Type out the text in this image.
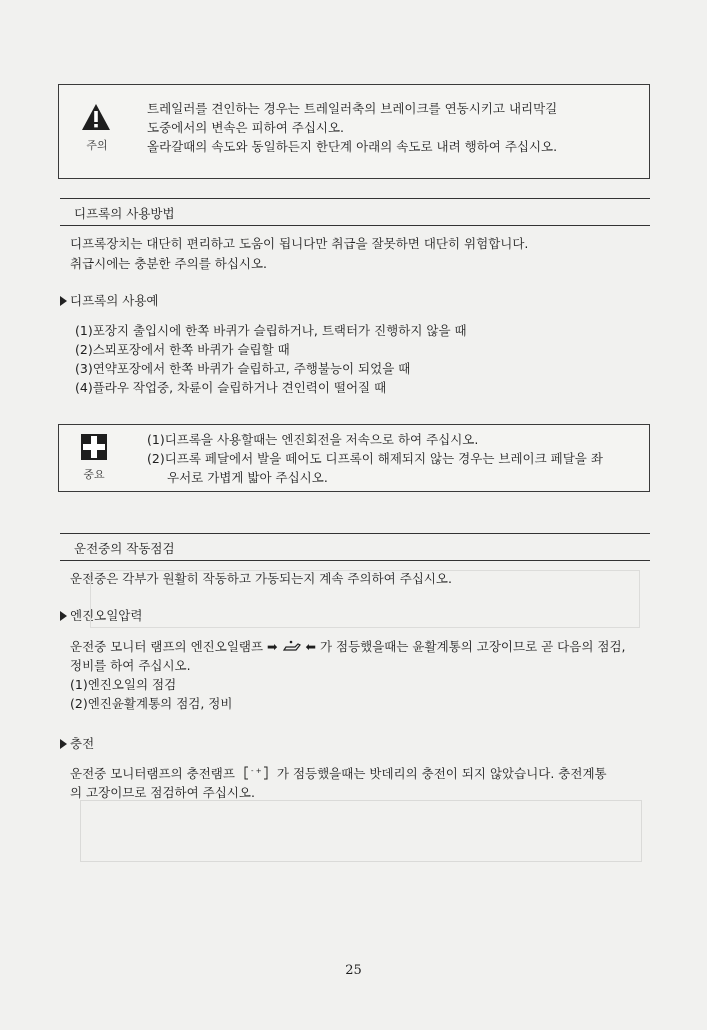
주의
트레일러를 견인하는 경우는 트레일러축의 브레이크를 연동시키고 내리막길
도중에서의 변속은 피하여 주십시오.
올라갈때의 속도와 동일하든지 한단계 아래의 속도로 내려 행하여 주십시오.
디프록의 사용방법
디프록장치는 대단히 편리하고 도움이 됩니다만 취급을 잘못하면 대단히 위험합니다.
취급시에는 충분한 주의를 하십시오.
디프록의 사용예
(1)포장지 출입시에 한쪽 바퀴가 슬립하거나, 트랙터가 진행하지 않을 때
(2)스뫼포장에서 한쪽 바퀴가 슬립할 때
(3)연약포장에서 한쪽 바퀴가 슬립하고, 주행불능이 되었을 때
(4)플라우 작업중, 차륜이 슬립하거나 견인력이 떨어질 때
중요
(1)디프록을 사용할때는 엔진회전을 저속으로 하여 주십시오.
(2)디프록 페달에서 발을 떼어도 디프록이 해제되지 않는 경우는 브레이크 페달을 좌
우서로 가볍게 밟아 주십시오.
운전중의 작동점검
운전중은 각부가 원활히 작동하고 가동되는지 계속 주의하여 주십시오.
엔진오일압력
운전중 모니터 램프의 엔진오일램프 ➡ ⬅ 가 점등했을때는 윤활계통의 고장이므로 곧 다음의 점검,
정비를 하여 주십시오.
(1)엔진오일의 점검
(2)엔진윤활계통의 점검, 정비
충전
운전중 모니터램프의 충전램프 - + 가 점등했을때는 밧데리의 충전이 되지 않았습니다. 충전계통
의 고장이므로 점검하여 주십시오.
25
